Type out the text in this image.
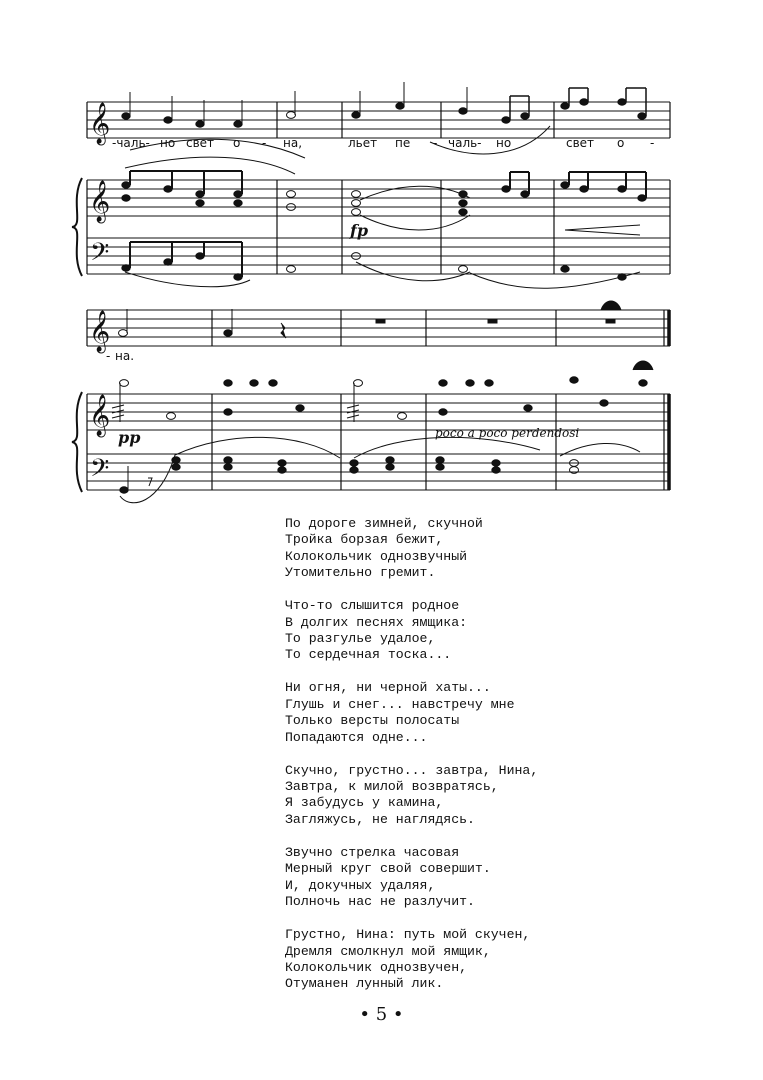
𝄞
𝄞
𝄢
𝄞
𝄞
𝄢
-чаль- но свет о - на,	льет пе - чаль- но	свет о -
- на.
fp
pp	poco a poco perdendosi
По дороге зимней, скучной
Тройка борзая бежит,
Колокольчик однозвучный
Утомительно гремит.
Что-то слышится родное
В долгих песнях ямщика:
То разгулье удалое,
То сердечная тоска...
Ни огня, ни черной хаты...
Глушь и снег... навстречу мне
Только версты полосаты
Попадаются одне...
Скучно, грустно... завтра, Нина,
Завтра, к милой возвратясь,
Я забудусь у камина,
Загляжусь, не наглядясь.
Звучно стрелка часовая
Мерный круг свой совершит.
И, докучных удаляя,
Полночь нас не разлучит.
Грустно, Нина: путь мой скучен,
Дремля смолкнул мой ямщик,
Колокольчик однозвучен,
Отуманен лунный лик.
• 5 •
